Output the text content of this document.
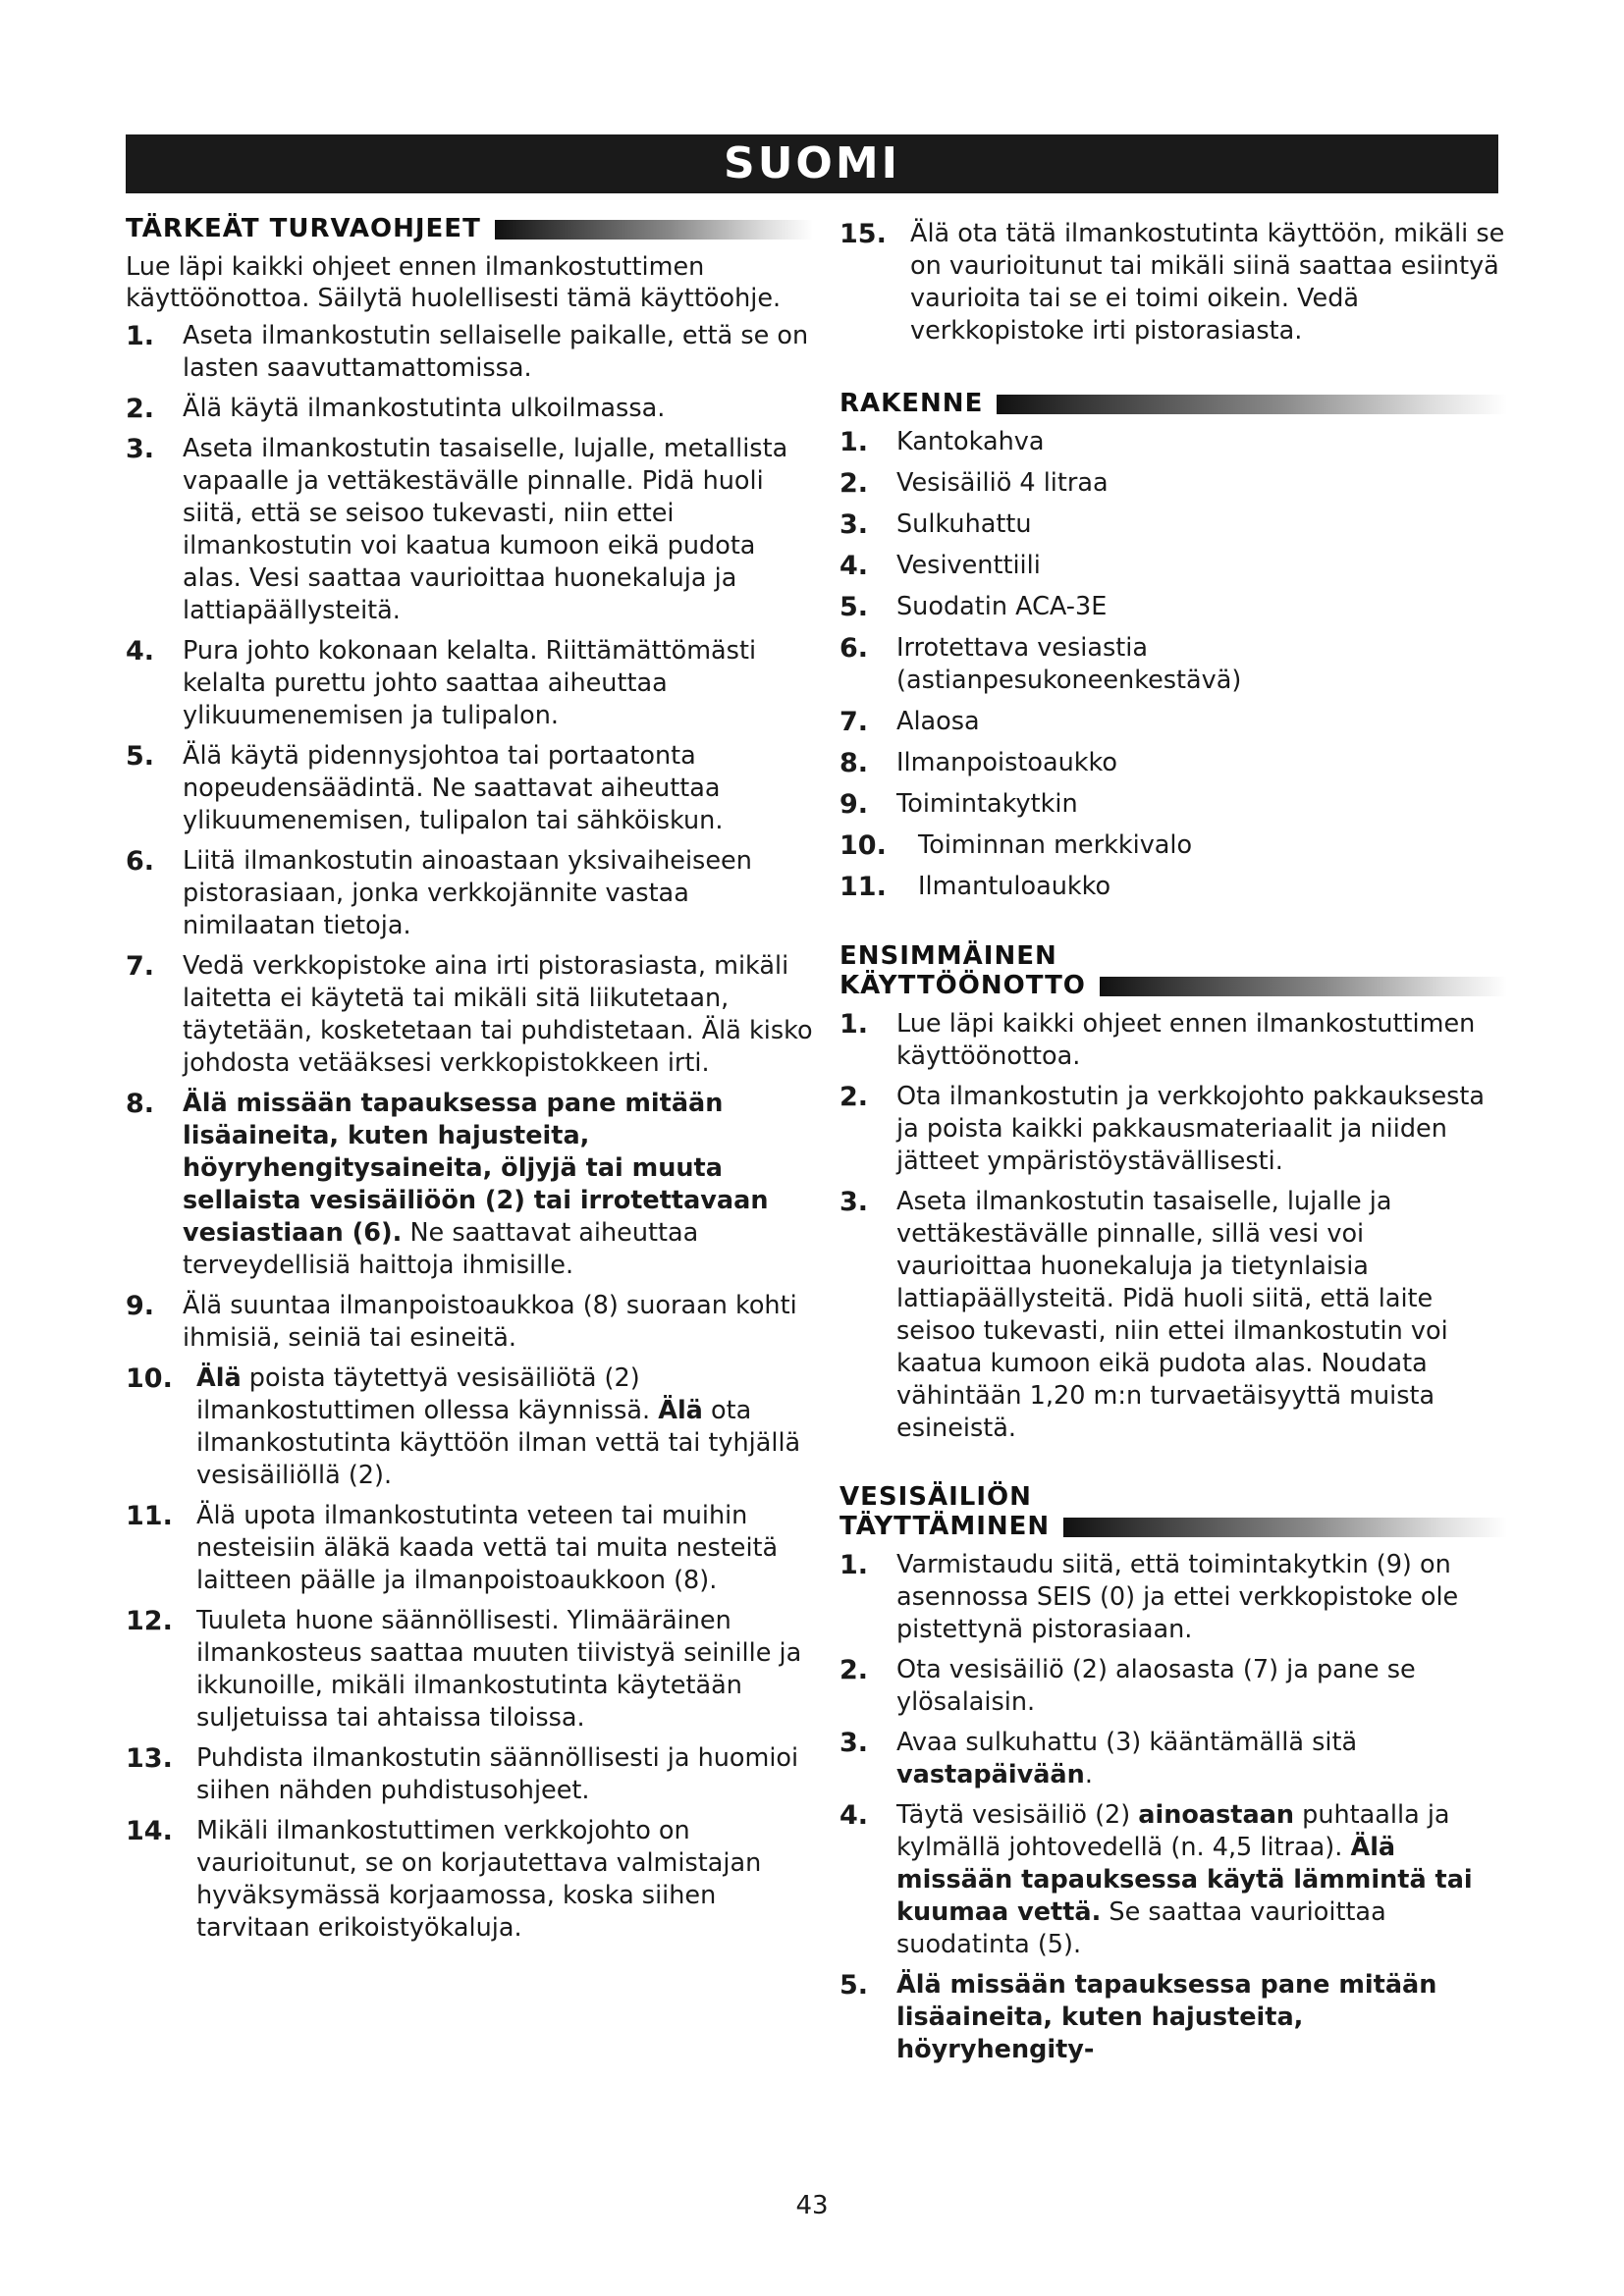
SUOMI
TÄRKEÄT TURVAOHJEET

Lue läpi kaikki ohjeet ennen ilmankostuttimen käyttöönottoa. Säilytä huolellisesti tämä käyttöohje.

1. Aseta ilmankostutin sellaiselle paikalle, että se on lasten saavuttamattomissa.
2. Älä käytä ilmankostutinta ulkoilmassa.
3. Aseta ilmankostutin tasaiselle, lujalle, metallista vapaalle ja vettäkestävälle pinnalle. Pidä huoli siitä, että se seisoo tukevasti, niin ettei ilmankostutin voi kaatua kumoon eikä pudota alas. Vesi saattaa vaurioittaa huonekaluja ja lattiapäällysteitä.
4. Pura johto kokonaan kelalta. Riittämättömästi kelalta purettu johto saattaa aiheuttaa ylikuumenemisen ja tulipalon.
5. Älä käytä pidennysjohtoa tai portaatonta nopeudensäädintä. Ne saattavat aiheuttaa ylikuumenemisen, tulipalon tai sähköiskun.
6. Liitä ilmankostutin ainoastaan yksivaiheiseen pistorasiaan, jonka verkkojännite vastaa nimilaatan tietoja.
7. Vedä verkkopistoke aina irti pistorasiasta, mikäli laitetta ei käytetä tai mikäli sitä liikutetaan, täytetään, kosketetaan tai puhdistetaan. Älä kisko johdosta vetääksesi verkkopistokkeen irti.
8. Älä missään tapauksessa pane mitään lisäaineita, kuten hajusteita, höyryhengitysaineita, öljyjä tai muuta sellaista vesisäiliöön (2) tai irrotettavaan vesiastiaan (6). Ne saattavat aiheuttaa terveydellisiä haittoja ihmisille.
9. Älä suuntaa ilmanpoistoaukkoa (8) suoraan kohti ihmisiä, seiniä tai esineitä.
10. Älä poista täytettyä vesisäiliötä (2) ilmankostuttimen ollessa käynnissä. Älä ota ilmankostutinta käyttöön ilman vettä tai tyhjällä vesisäiliöllä (2).
11. Älä upota ilmankostutinta veteen tai muihin nesteisiin äläkä kaada vettä tai muita nesteitä laitteen päälle ja ilmanpoistoaukkoon (8).
12. Tuuleta huone säännöllisesti. Ylimääräinen ilmankosteus saattaa muuten tiivistyä seinille ja ikkunoille, mikäli ilmankostutinta käytetään suljetuissa tai ahtaissa tiloissa.
13. Puhdista ilmankostutin säännöllisesti ja huomioi siihen nähden puhdistusohjeet.
14. Mikäli ilmankostuttimen verkkojohto on vaurioitunut, se on korjautettava valmistajan hyväksymässä korjaamossa, koska siihen tarvitaan erikoistyökaluja.
15. Älä ota tätä ilmankostutinta käyttöön, mikäli se on vaurioitunut tai mikäli siinä saattaa esiintyä vaurioita tai se ei toimi oikein. Vedä verkkopistoke irti pistorasiasta.
RAKENNE
1. Kantokahva
2. Vesisäiliö 4 litraa
3. Sulkuhattu
4. Vesiventtiili
5. Suodatin ACA-3E
6. Irrotettava vesiastia (astianpesukoneenkestävä)
7. Alaosa
8. Ilmanpoistoaukko
9. Toimintakytkin
10. Toiminnan merkkivalo
11. Ilmantuloaukko
ENSIMMÄINEN
KÄYTTÖÖNOTTO
1. Lue läpi kaikki ohjeet ennen ilmankostuttimen käyttöönottoa.
2. Ota ilmankostutin ja verkkojohto pakkauksesta ja poista kaikki pakkausmateriaalit ja niiden jätteet ympäristöystävällisesti.
3. Aseta ilmankostutin tasaiselle, lujalle ja vettäkestävälle pinnalle, sillä vesi voi vaurioittaa huonekaluja ja tietynlaisia lattiapäällysteitä. Pidä huoli siitä, että laite seisoo tukevasti, niin ettei ilmankostutin voi kaatua kumoon eikä pudota alas. Noudata vähintään 1,20 m:n turvaetäisyyttä muista esineistä.
VESISÄILIÖN
TÄYTTÄMINEN
1. Varmistaudu siitä, että toimintakytkin (9) on asennossa SEIS (0) ja ettei verkkopistoke ole pistettynä pistorasiaan.
2. Ota vesisäiliö (2) alaosasta (7) ja pane se ylösalaisin.
3. Avaa sulkuhattu (3) kääntämällä sitä vastapäivään.
4. Täytä vesisäiliö (2) ainoastaan puhtaalla ja kylmällä johtovedellä (n. 4,5 litraa). Älä missään tapauksessa käytä lämmintä tai kuumaa vettä. Se saattaa vaurioittaa suodatinta (5).
5. Älä missään tapauksessa pane mitään lisäaineita, kuten hajusteita, höyryhengity-
43
